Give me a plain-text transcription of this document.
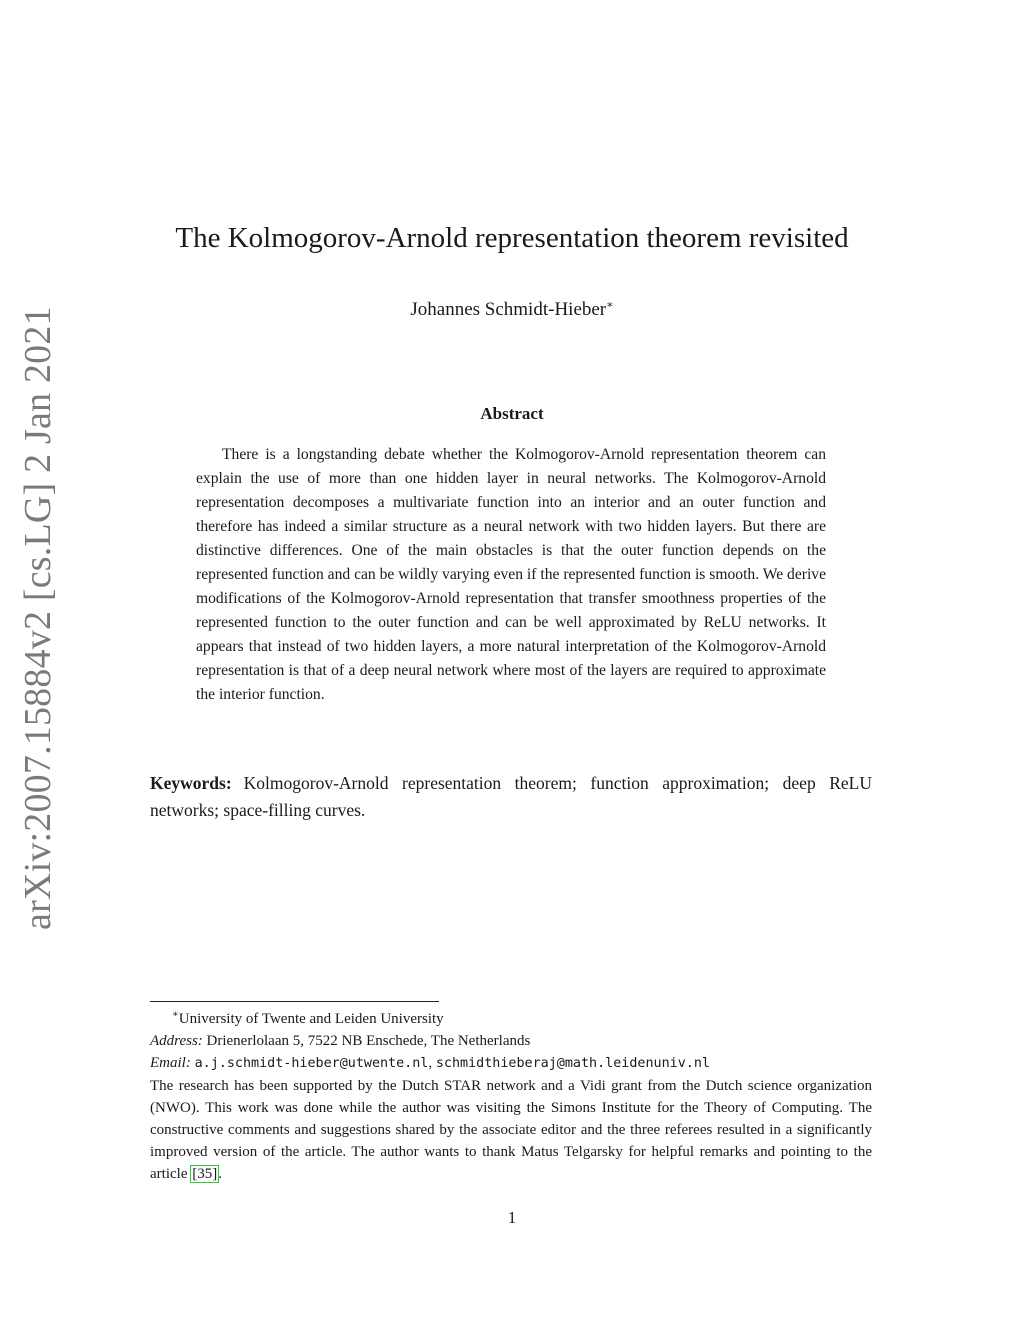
arXiv:2007.15884v2 [cs.LG] 2 Jan 2021
The Kolmogorov-Arnold representation theorem revisited
Johannes Schmidt-Hieber∗
Abstract

There is a longstanding debate whether the Kolmogorov-Arnold representation theorem can explain the use of more than one hidden layer in neural networks. The Kolmogorov-Arnold representation decomposes a multivariate function into an interior and an outer function and therefore has indeed a similar structure as a neural network with two hidden layers. But there are distinctive differences. One of the main obstacles is that the outer function depends on the represented function and can be wildly varying even if the represented function is smooth. We derive modifications of the Kolmogorov-Arnold representation that transfer smoothness properties of the represented function to the outer function and can be well approximated by ReLU networks. It appears that instead of two hidden layers, a more natural interpretation of the Kolmogorov-Arnold representation is that of a deep neural network where most of the layers are required to approximate the interior function.

Keywords: Kolmogorov-Arnold representation theorem; function approximation; deep ReLU networks; space-filling curves.

∗University of Twente and Leiden University

Address: Drienerlolaan 5, 7522 NB Enschede, The Netherlands

Email: a.j.schmidt-hieber@utwente.nl, schmidthieberaj@math.leidenuniv.nl

The research has been supported by the Dutch STAR network and a Vidi grant from the Dutch science organization (NWO). This work was done while the author was visiting the Simons Institute for the Theory of Computing. The constructive comments and suggestions shared by the associate editor and the three referees resulted in a significantly improved version of the article. The author wants to thank Matus Telgarsky for helpful remarks and pointing to the article [35].

1
